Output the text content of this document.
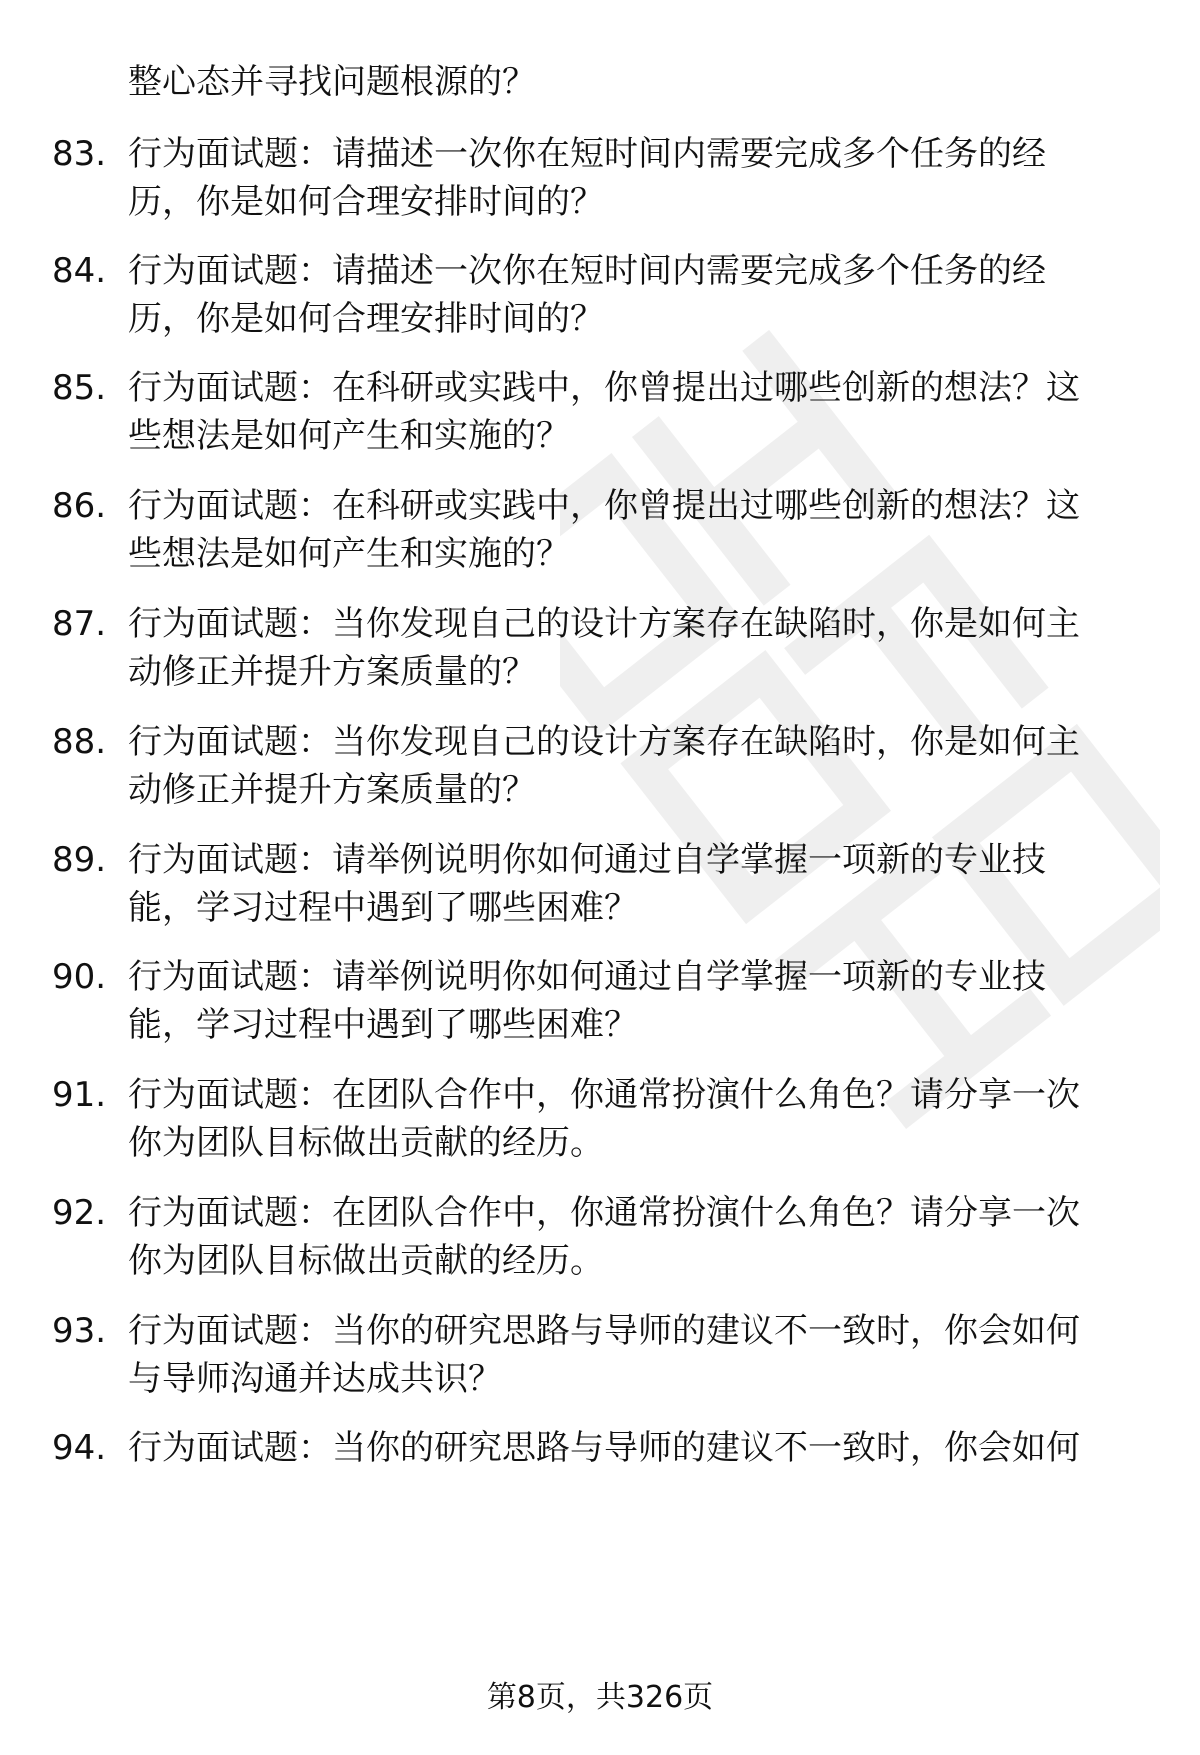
整心态并寻找问题根源的？

83. 行为面试题：请描述一次你在短时间内需要完成多个任务的经
历，你是如何合理安排时间的？

84. 行为面试题：请描述一次你在短时间内需要完成多个任务的经
历，你是如何合理安排时间的？

85. 行为面试题：在科研或实践中，你曾提出过哪些创新的想法？这
些想法是如何产生和实施的？

86. 行为面试题：在科研或实践中，你曾提出过哪些创新的想法？这
些想法是如何产生和实施的？

87. 行为面试题：当你发现自己的设计方案存在缺陷时，你是如何主
动修正并提升方案质量的？

88. 行为面试题：当你发现自己的设计方案存在缺陷时，你是如何主
动修正并提升方案质量的？

89. 行为面试题：请举例说明你如何通过自学掌握一项新的专业技
能，学习过程中遇到了哪些困难？

90. 行为面试题：请举例说明你如何通过自学掌握一项新的专业技
能，学习过程中遇到了哪些困难？

91. 行为面试题：在团队合作中，你通常扮演什么角色？请分享一次
你为团队目标做出贡献的经历。

92. 行为面试题：在团队合作中，你通常扮演什么角色？请分享一次
你为团队目标做出贡献的经历。

93. 行为面试题：当你的研究思路与导师的建议不一致时，你会如何
与导师沟通并达成共识？

94. 行为面试题：当你的研究思路与导师的建议不一致时，你会如何

第8页，共326页
